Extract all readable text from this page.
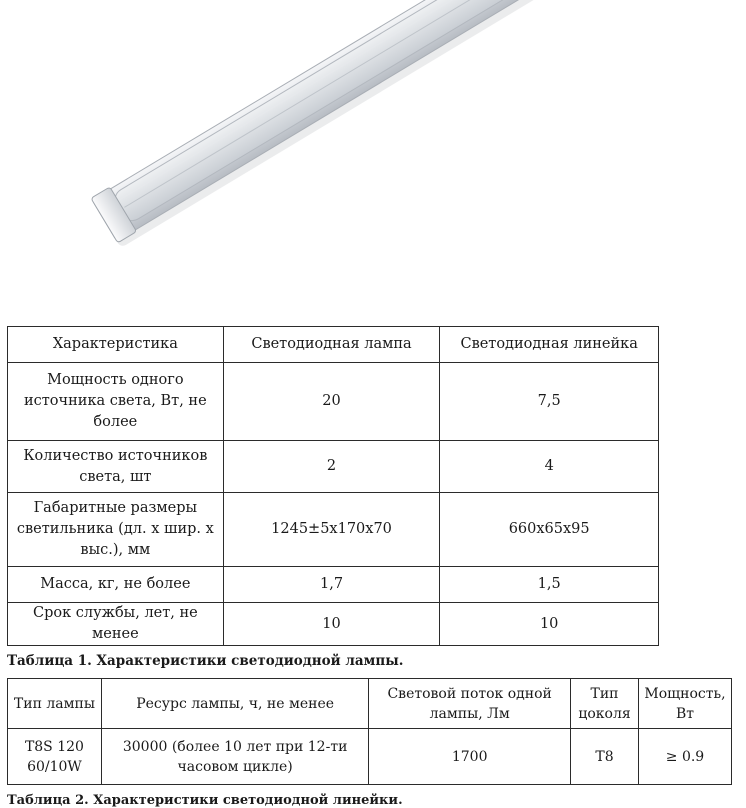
Характеристика	Светодиодная лампа	Светодиодная линейка
Мощность одного источника света, Вт, не более	20	7,5
Количество источников света, шт	2	4
Габаритные размеры светильника (дл. х шир. х выс.), мм	1245±5х170х70	660х65х95
Масса, кг, не более	1,7	1,5
Срок службы, лет, не менее	10	10
Таблица 1. Характеристики светодиодной лампы.
Тип лампы	Ресурс лампы, ч, не менее	Световой поток одной лампы, Лм	Тип цоколя	Мощность, Вт
T8S 120 60/10W	30000 (более 10 лет при 12-ти часовом цикле)	1700	T8	≥ 0.9
Таблица 2. Характеристики светодиодной линейки.
